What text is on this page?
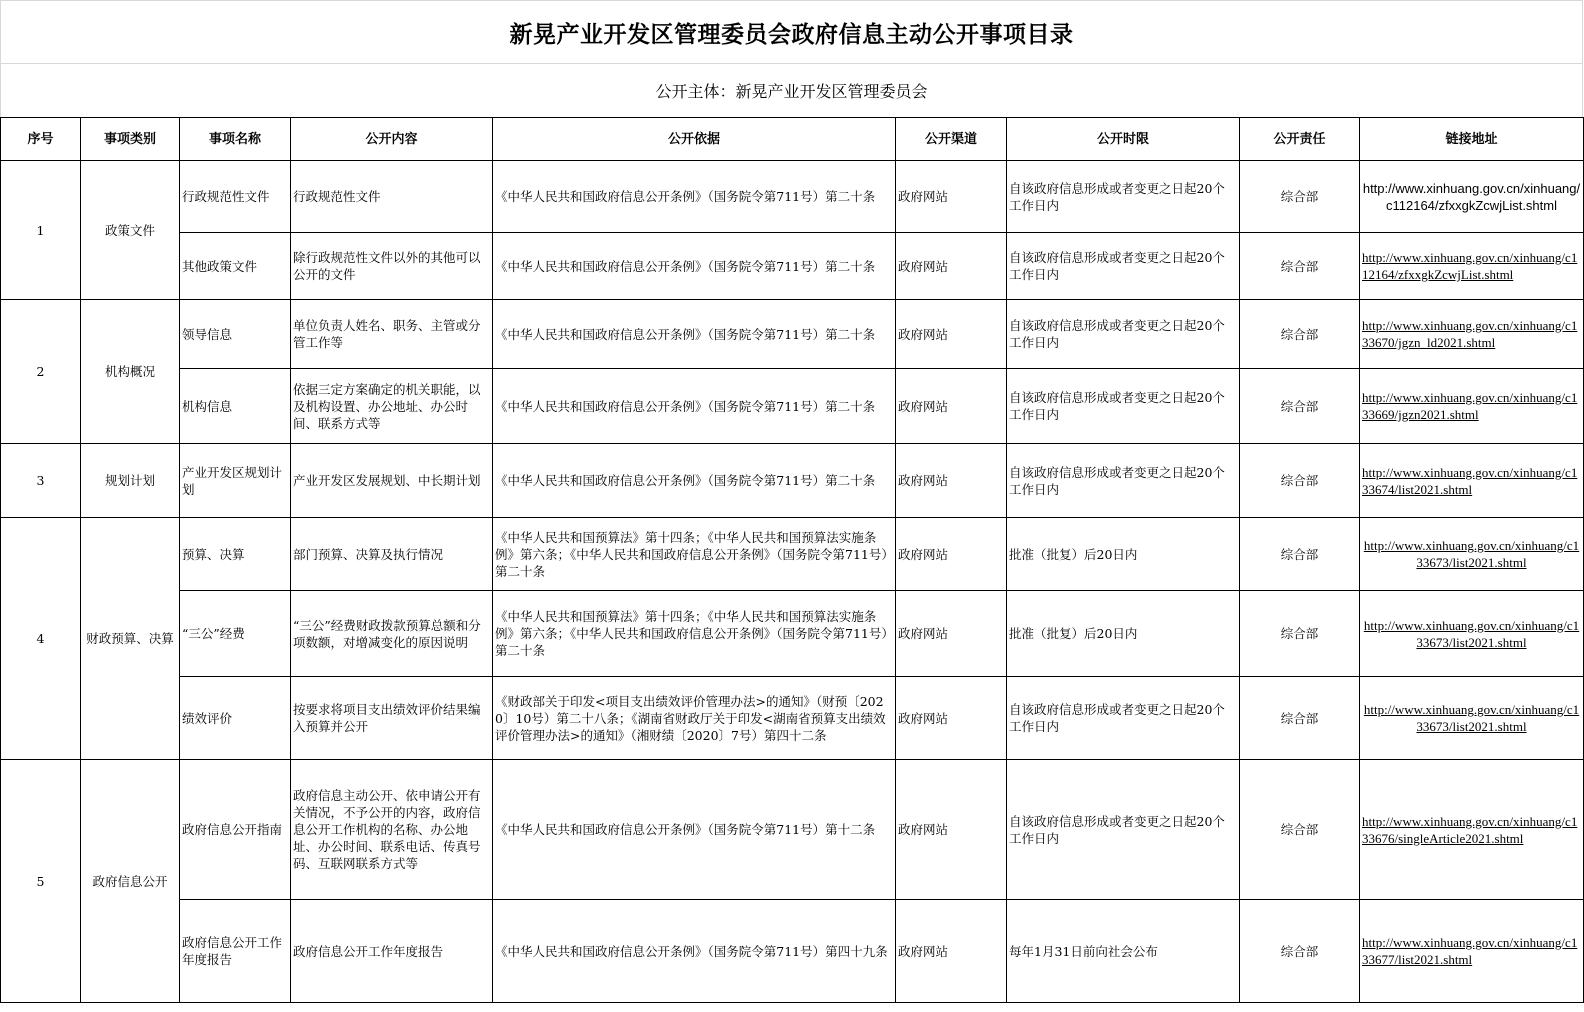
新晃产业开发区管理委员会政府信息主动公开事项目录
公开主体：新晃产业开发区管理委员会
序号	事项类别	事项名称	公开内容	公开依据	公开渠道	公开时限	公开责任	链接地址
1	政策文件	行政规范性文件	行政规范性文件	《中华人民共和国政府信息公开条例》（国务院令第711号）第二十条	政府网站	自该政府信息形成或者变更之日起20个工作日内	综合部	http://www.xinhuang.gov.cn/xinhuang/c112164/zfxxgkZcwjList.shtml
		其他政策文件	除行政规范性文件以外的其他可以公开的文件	《中华人民共和国政府信息公开条例》（国务院令第711号）第二十条	政府网站	自该政府信息形成或者变更之日起20个工作日内	综合部	http://www.xinhuang.gov.cn/xinhuang/c112164/zfxxgkZcwjList.shtml
2	机构概况	领导信息	单位负责人姓名、职务、主管或分管工作等	《中华人民共和国政府信息公开条例》（国务院令第711号）第二十条	政府网站	自该政府信息形成或者变更之日起20个工作日内	综合部	http://www.xinhuang.gov.cn/xinhuang/c133670/jgzn_ld2021.shtml
		机构信息	依据三定方案确定的机关职能，以及机构设置、办公地址、办公时间、联系方式等	《中华人民共和国政府信息公开条例》（国务院令第711号）第二十条	政府网站	自该政府信息形成或者变更之日起20个工作日内	综合部	http://www.xinhuang.gov.cn/xinhuang/c133669/jgzn2021.shtml
3	规划计划	产业开发区规划计划	产业开发区发展规划、中长期计划	《中华人民共和国政府信息公开条例》（国务院令第711号）第二十条	政府网站	自该政府信息形成或者变更之日起20个工作日内	综合部	http://www.xinhuang.gov.cn/xinhuang/c133674/list2021.shtml
4	财政预算、决算	预算、决算	部门预算、决算及执行情况	《中华人民共和国预算法》第十四条；《中华人民共和国预算法实施条例》第六条；《中华人民共和国政府信息公开条例》（国务院令第711号）第二十条	政府网站	批准（批复）后20日内	综合部	http://www.xinhuang.gov.cn/xinhuang/c133673/list2021.shtml
		“三公”经费	“三公”经费财政拨款预算总额和分项数额，对增减变化的原因说明	《中华人民共和国预算法》第十四条；《中华人民共和国预算法实施条例》第六条；《中华人民共和国政府信息公开条例》（国务院令第711号）第二十条	政府网站	批准（批复）后20日内	综合部	http://www.xinhuang.gov.cn/xinhuang/c133673/list2021.shtml
		绩效评价	按要求将项目支出绩效评价结果编入预算并公开	《财政部关于印发<项目支出绩效评价管理办法>的通知》（财预〔2020〕10号）第二十八条；《湖南省财政厅关于印发<湖南省预算支出绩效评价管理办法>的通知》（湘财绩〔2020〕7号）第四十二条	政府网站	自该政府信息形成或者变更之日起20个工作日内	综合部	http://www.xinhuang.gov.cn/xinhuang/c133673/list2021.shtml
5	政府信息公开	政府信息公开指南	政府信息主动公开、依申请公开有关情况，不予公开的内容，政府信息公开工作机构的名称、办公地址、办公时间、联系电话、传真号码、互联网联系方式等	《中华人民共和国政府信息公开条例》（国务院令第711号）第十二条	政府网站	自该政府信息形成或者变更之日起20个工作日内	综合部	http://www.xinhuang.gov.cn/xinhuang/c133676/singleArticle2021.shtml
		政府信息公开工作年度报告	政府信息公开工作年度报告	《中华人民共和国政府信息公开条例》（国务院令第711号）第四十九条	政府网站	每年1月31日前向社会公布	综合部	http://www.xinhuang.gov.cn/xinhuang/c133677/list2021.shtml
